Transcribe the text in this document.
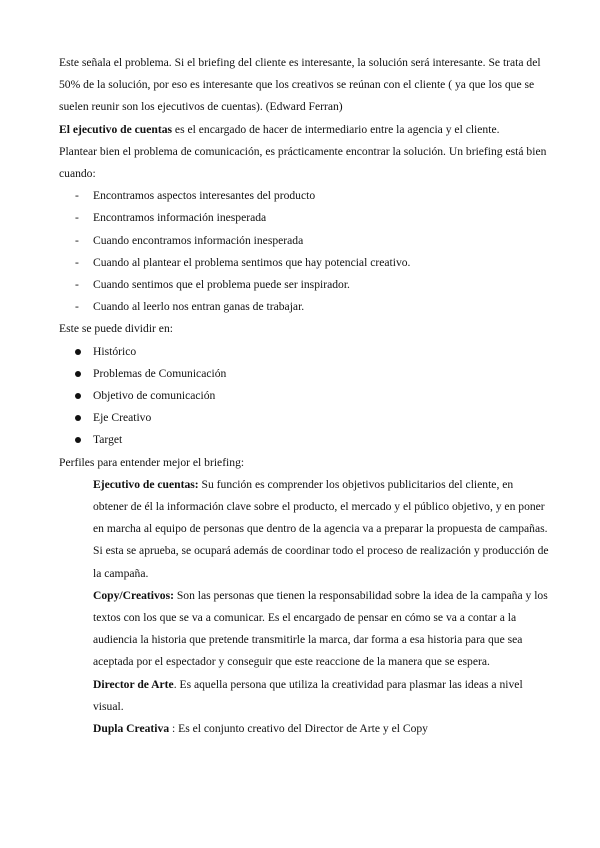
Este señala el problema. Si el briefing del cliente es interesante, la solución será interesante. Se trata del 50% de la solución, por eso es interesante que los creativos se reúnan con el cliente ( ya que los que se suelen reunir son los ejecutivos de cuentas). (Edward Ferran)

El ejecutivo de cuentas es el encargado de hacer de intermediario entre la agencia y el cliente.

Plantear bien el problema de comunicación, es prácticamente encontrar la solución. Un briefing está bien cuando:

- Encontramos aspectos interesantes del producto
- Encontramos información inesperada
- Cuando encontramos información inesperada
- Cuando al plantear el problema sentimos que hay potencial creativo.
- Cuando sentimos que el problema puede ser inspirador.
- Cuando al leerlo nos entran ganas de trabajar.

Este se puede dividir en:

Histórico
Problemas de Comunicación
Objetivo de comunicación
Eje Creativo
Target

Perfiles para entender mejor el briefing:

Ejecutivo de cuentas: Su función es comprender los objetivos publicitarios del cliente, en obtener de él la información clave sobre el producto, el mercado y el público objetivo, y en poner en marcha al equipo de personas que dentro de la agencia va a preparar la propuesta de campañas. Si esta se aprueba, se ocupará además de coordinar todo el proceso de realización y producción de la campaña.

Copy/Creativos: Son las personas que tienen la responsabilidad sobre la idea de la campaña y los textos con los que se va a comunicar. Es el encargado de pensar en cómo se va a contar a la audiencia la historia que pretende transmitirle la marca, dar forma a esa historia para que sea aceptada por el espectador y conseguir que este reaccione de la manera que se espera.

Director de Arte. Es aquella persona que utiliza la creatividad para plasmar las ideas a nivel visual.

Dupla Creativa : Es el conjunto creativo del Director de Arte y el Copy
